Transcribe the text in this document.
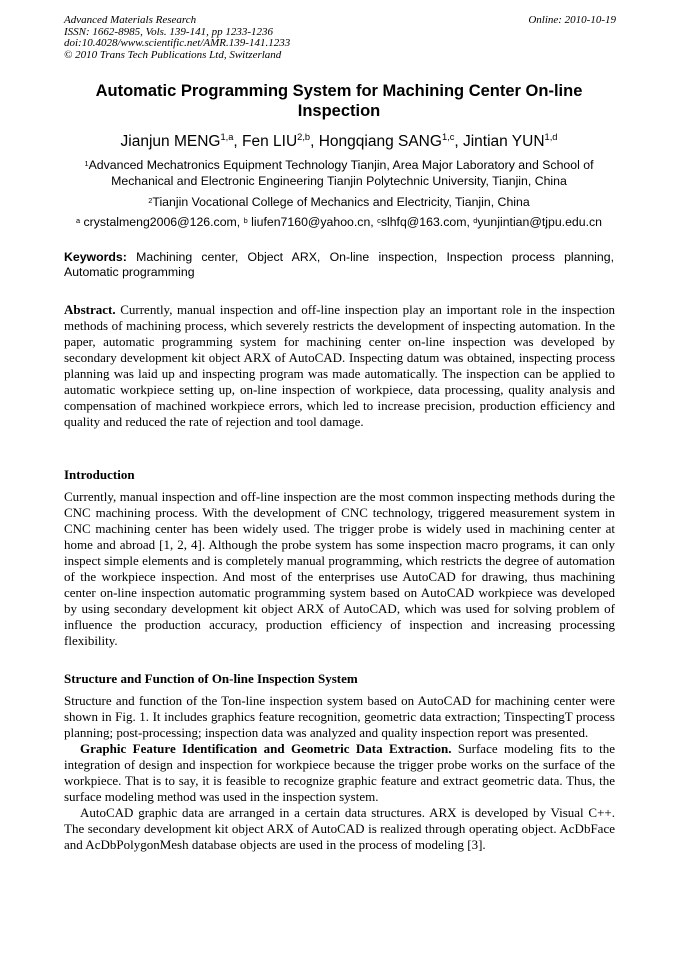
Advanced Materials Research
ISSN: 1662-8985, Vols. 139-141, pp 1233-1236
doi:10.4028/www.scientific.net/AMR.139-141.1233
© 2010 Trans Tech Publications Ltd, Switzerland
Online: 2010-10-19
Automatic Programming System for Machining Center On-line Inspection
Jianjun MENG$^{1,a}$, Fen LIU$^{2,b}$, Hongqiang SANG$^{1,c}$, Jintian YUN$^{1,d}$
$^1$Advanced Mechatronics Equipment Technology Tianjin, Area Major Laboratory and School of Mechanical and Electronic Engineering Tianjin Polytechnic University, Tianjin, China
$^2$Tianjin Vocational College of Mechanics and Electricity, Tianjin, China
$^a$ crystalmeng2006@126.com, $^b$ liufen7160@yahoo.cn, $^c$slhfq@163.com, $^d$yunjintian@tjpu.edu.cn
Keywords: Machining center, Object ARX, On-line inspection, Inspection process planning, Automatic programming

Abstract. Currently, manual inspection and off-line inspection play an important role in the inspection methods of machining process, which severely restricts the development of inspecting automation. In the paper, automatic programming system for machining center on-line inspection was developed by secondary development kit object ARX of AutoCAD. Inspecting datum was obtained, inspecting process planning was laid up and inspecting program was made automatically. The inspection can be applied to automatic workpiece setting up, on-line inspection of workpiece, data processing, quality analysis and compensation of machined workpiece errors, which led to increase precision, production efficiency and quality and reduced the rate of rejection and tool damage.

Introduction

Currently, manual inspection and off-line inspection are the most common inspecting methods during the CNC machining process. With the development of CNC technology, triggered measurement system in CNC machining center has been widely used. The trigger probe is widely used in machining center at home and abroad [1, 2, 4]. Although the probe system has some inspection macro programs, it can only inspect simple elements and is completely manual programming, which restricts the degree of automation of the workpiece inspection. And most of the enterprises use AutoCAD for drawing, thus machining center on-line inspection automatic programming system based on AutoCAD workpiece was developed by using secondary development kit object ARX of AutoCAD, which was used for solving problem of influence the production accuracy, production efficiency of inspection and increasing processing flexibility.

Structure and Function of On-line Inspection System

Structure and function of the Ton-line inspection system based on AutoCAD for machining center were shown in Fig. 1. It includes graphics feature recognition, geometric data extraction; TinspectingT process planning; post-processing; inspection data was analyzed and quality inspection report was presented.

Graphic Feature Identification and Geometric Data Extraction. Surface modeling fits to the integration of design and inspection for workpiece because the trigger probe works on the surface of the workpiece. That is to say, it is feasible to recognize graphic feature and extract geometric data. Thus, the surface modeling method was used in the inspection system.

AutoCAD graphic data are arranged in a certain data structures. ARX is developed by Visual C++. The secondary development kit object ARX of AutoCAD is realized through operating object. AcDbFace and AcDbPolygonMesh database objects are used in the process of modeling [3].
